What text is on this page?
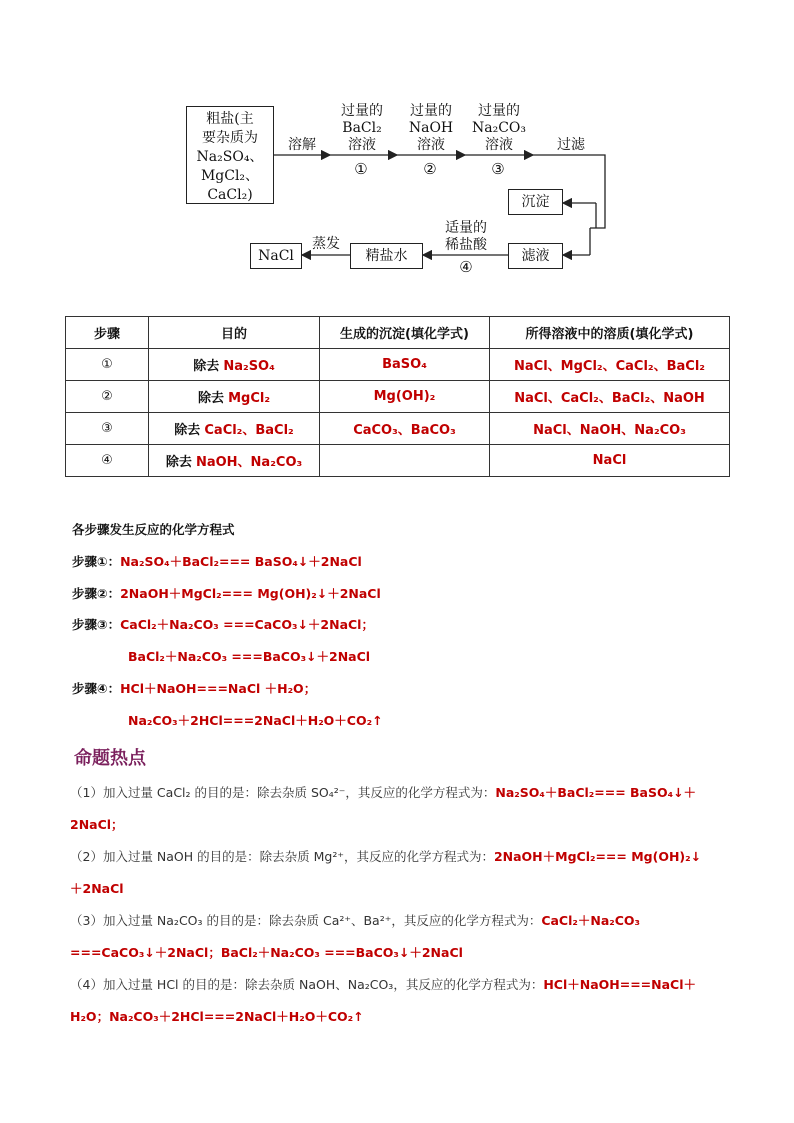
粗盐(主
要杂质为
Na₂SO₄、
MgCl₂、
CaCl₂)
溶解
过量的
BaCl₂
溶液
①
过量的
NaOH
溶液
②
过量的
Na₂CO₃
溶液
③
过滤
沉淀
滤液
适量的
稀盐酸
④
精盐水
蒸发
NaCl
步骤	目的	生成的沉淀(填化学式)	所得溶液中的溶质(填化学式)
①	除去 Na₂SO₄	BaSO₄	NaCl、MgCl₂、CaCl₂、BaCl₂
②	除去 MgCl₂	Mg(OH)₂	NaCl、CaCl₂、BaCl₂、NaOH
③	除去 CaCl₂、BaCl₂	CaCO₃、BaCO₃	NaCl、NaOH、Na₂CO₃
④	除去 NaOH、Na₂CO₃		NaCl
各步骤发生反应的化学方程式
步骤①：Na₂SO₄＋BaCl₂=== BaSO₄↓＋2NaCl
步骤②：2NaOH＋MgCl₂=== Mg(OH)₂↓＋2NaCl
步骤③：CaCl₂＋Na₂CO₃ ===CaCO₃↓＋2NaCl；
BaCl₂＋Na₂CO₃ ===BaCO₃↓＋2NaCl
步骤④：HCl＋NaOH===NaCl ＋H₂O；
Na₂CO₃＋2HCl===2NaCl＋H₂O＋CO₂↑
命题热点
（1）加入过量 CaCl₂ 的目的是：除去杂质 SO₄²⁻，其反应的化学方程式为：Na₂SO₄＋BaCl₂=== BaSO₄↓＋
2NaCl；
（2）加入过量 NaOH 的目的是：除去杂质 Mg²⁺，其反应的化学方程式为：2NaOH＋MgCl₂=== Mg(OH)₂↓
＋2NaCl
（3）加入过量 Na₂CO₃ 的目的是：除去杂质 Ca²⁺、Ba²⁺，其反应的化学方程式为：CaCl₂＋Na₂CO₃
===CaCO₃↓＋2NaCl；BaCl₂＋Na₂CO₃ ===BaCO₃↓＋2NaCl
（4）加入过量 HCl 的目的是：除去杂质 NaOH、Na₂CO₃，其反应的化学方程式为：HCl＋NaOH===NaCl＋
H₂O；Na₂CO₃＋2HCl===2NaCl＋H₂O＋CO₂↑
